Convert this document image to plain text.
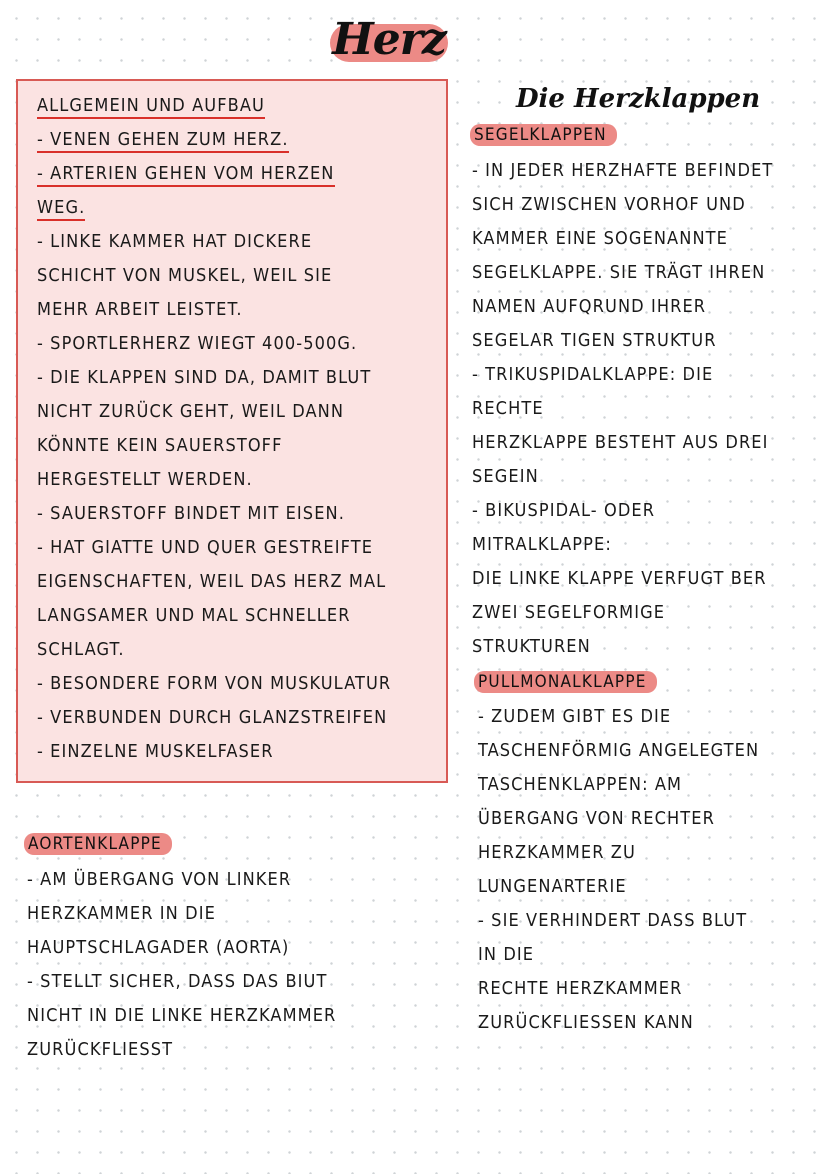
Herz
ALLGEMEIN UND AUFBAU
- VENEN GEHEN ZUM HERZ.
- ARTERIEN GEHEN VOM HERZEN
WEG.
- LINKE KAMMER HAT DICKERE
SCHICHT VON MUSKEL, WEIL SIE
MEHR ARBEIT LEISTET.
- SPORTLERHERZ WIEGT 400-500G.
- DIE KLAPPEN SIND DA, DAMIT BLUT
NICHT ZURÜCK GEHT, WEIL DANN
KÖNNTE KEIN SAUERSTOFF
HERGESTELLT WERDEN.
- SAUERSTOFF BINDET MIT EISEN.
- HAT GIATTE UND QUER GESTREIFTE
EIGENSCHAFTEN, WEIL DAS HERZ MAL
LANGSAMER UND MAL SCHNELLER
SCHLAGT.
- BESONDERE FORM VON MUSKULATUR
- VERBUNDEN DURCH GLANZSTREIFEN
- EINZELNE MUSKELFASER
AORTENKLAPPE
- AM ÜBERGANG VON LINKER
HERZKAMMER IN DIE
HAUPTSCHLAGADER (AORTA)
- STELLT SICHER, DASS DAS BIUT
NICHT IN DIE LINKE HERZKAMMER
ZURÜCKFLIESST
Die Herzklappen
SEGELKLAPPEN
- IN JEDER HERZHAFTE BEFINDET
SICH ZWISCHEN VORHOF UND
KAMMER EINE SOGENANNTE
SEGELKLAPPE. SIE TRÄGT IHREN
NAMEN AUFQRUND IHRER
SEGELAR TIGEN STRUKTUR
- TRIKUSPIDALKLAPPE: DIE
RECHTE
HERZKLAPPE BESTEHT AUS DREI
SEGEIN
- BIKUSPIDAL- ODER
MITRALKLAPPE:
DIE LINKE KLAPPE VERFUGT BER
ZWEI SEGELFORMIGE
STRUKTUREN
PULLMONALKLAPPE
- ZUDEM GIBT ES DIE
TASCHENFÖRMIG ANGELEGTEN
TASCHENKLAPPEN: AM
ÜBERGANG VON RECHTER
HERZKAMMER ZU
LUNGENARTERIE
- SIE VERHINDERT DASS BLUT
IN DIE
RECHTE HERZKAMMER
ZURÜCKFLIESSEN KANN
